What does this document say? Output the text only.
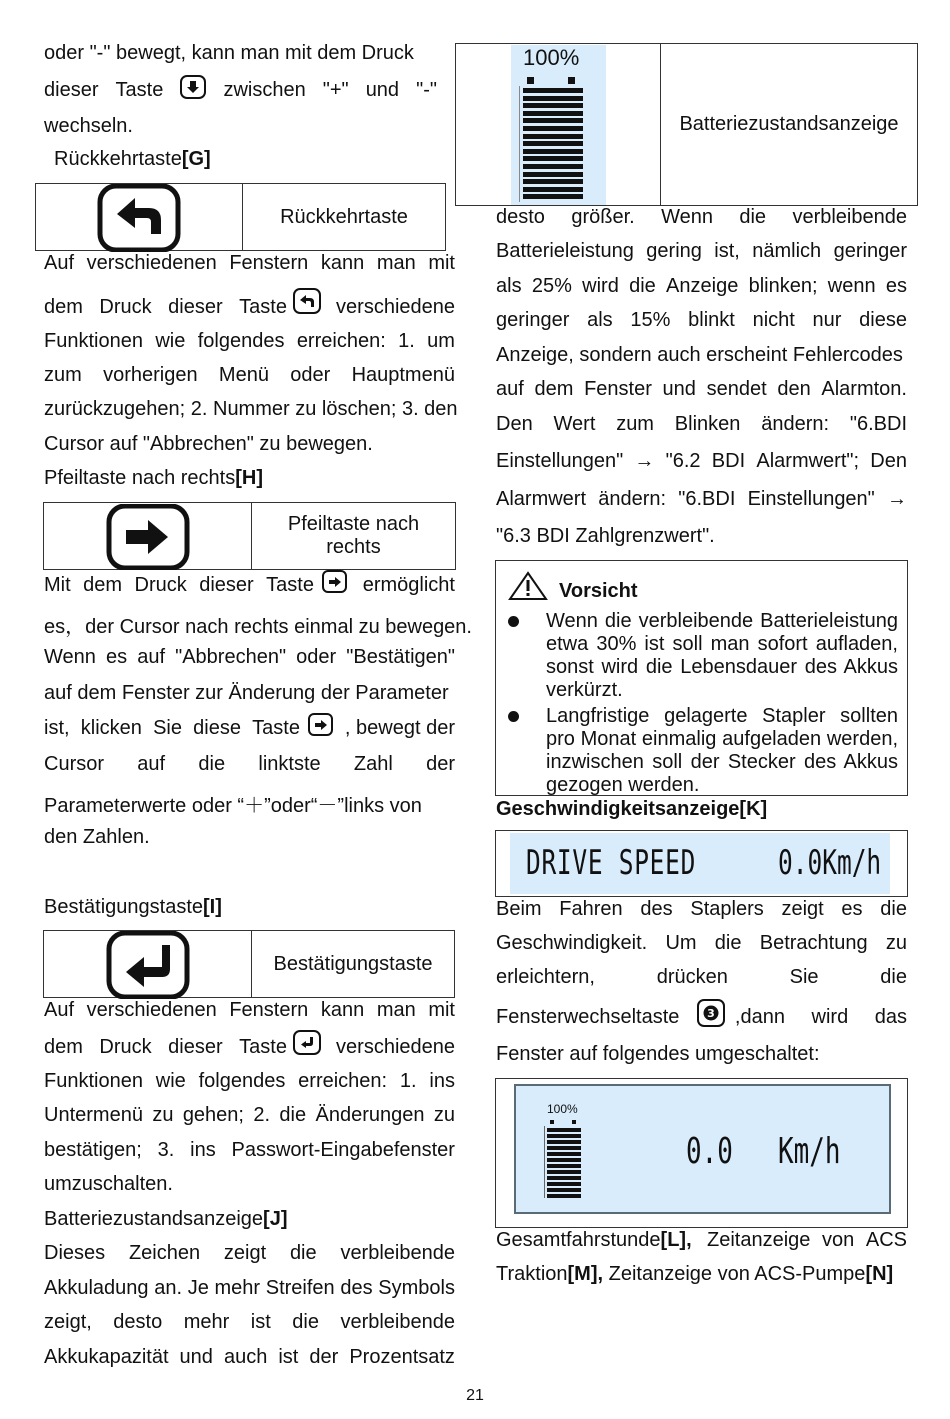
oder "-" bewegt, kann man mit dem Druck
dieser Taste	zwischen "+" und "-"
wechseln.
Rückkehrtaste[G]
Rückkehrtaste
Auf verschiedenen Fenstern kann man mit
dem Druck dieser Taste verschiedene
Funktionen wie folgendes erreichen: 1. um
zum vorherigen Menü oder Hauptmenü
zurückzugehen; 2. Nummer zu löschen; 3. den
Cursor auf "Abbrechen" zu bewegen.
Pfeiltaste nach rechts[H]
Pfeiltaste nach
rechts
Mit dem Druck dieser Taste ermöglicht
es，der Cursor nach rechts einmal zu bewegen.
Wenn es auf "Abbrechen" oder "Bestätigen"
auf dem Fenster zur Änderung der Parameter
ist, klicken Sie diese Taste , bewegt der
Cursor auf die linktste Zahl der
Parameterwerte oder “＋”oder“－”links von
den Zahlen.
Bestätigungstaste[I]
Bestätigungstaste
Auf verschiedenen Fenstern kann man mit
dem Druck dieser Taste verschiedene
Funktionen wie folgendes erreichen: 1. ins
Untermenü zu gehen; 2. die Änderungen zu
bestätigen; 3. ins Passwort-Eingabefenster
umzuschalten.
Batteriezustandsanzeige[J]
Dieses Zeichen zeigt die verbleibende
Akkuladung an. Je mehr Streifen des Symbols
zeigt, desto mehr ist die verbleibende
Akkukapazität und auch ist der Prozentsatz
100%
Batteriezustandsanzeige
desto größer. Wenn die verbleibende
Batterieleistung gering ist, nämlich geringer
als 25% wird die Anzeige blinken; wenn es
geringer als 15% blinkt nicht nur diese
Anzeige, sondern auch erscheint Fehlercodes
auf dem Fenster und sendet den Alarmton.
Den Wert zum Blinken ändern: "6.BDI
Einstellungen" → "6.2 BDI Alarmwert"; Den
Alarmwert ändern: "6.BDI Einstellungen" →
"6.3 BDI Zahlgrenzwert".
Vorsicht
Wenn die verbleibende Batterieleistung
etwa 30% ist soll man sofort aufladen,
sonst wird die Lebensdauer des Akkus
verkürzt.
Langfristige gelagerte Stapler sollten
pro Monat einmalig aufgeladen werden,
inzwischen soll der Stecker des Akkus
gezogen werden.
Geschwindigkeitsanzeige[K]
DRIVE SPEED 0.0Km/h
Beim Fahren des Staplers zeigt es die
Geschwindigkeit. Um die Betrachtung zu
erleichtern,	drücken	Sie	die
Fensterwechseltaste	3 , dann wird das
Fenster auf folgendes umgeschaltet:
100%
0.0 Km/h
Gesamtfahrstunde[L], Zeitanzeige von ACS
Traktion[M], Zeitanzeige von ACS-Pumpe[N]
21
